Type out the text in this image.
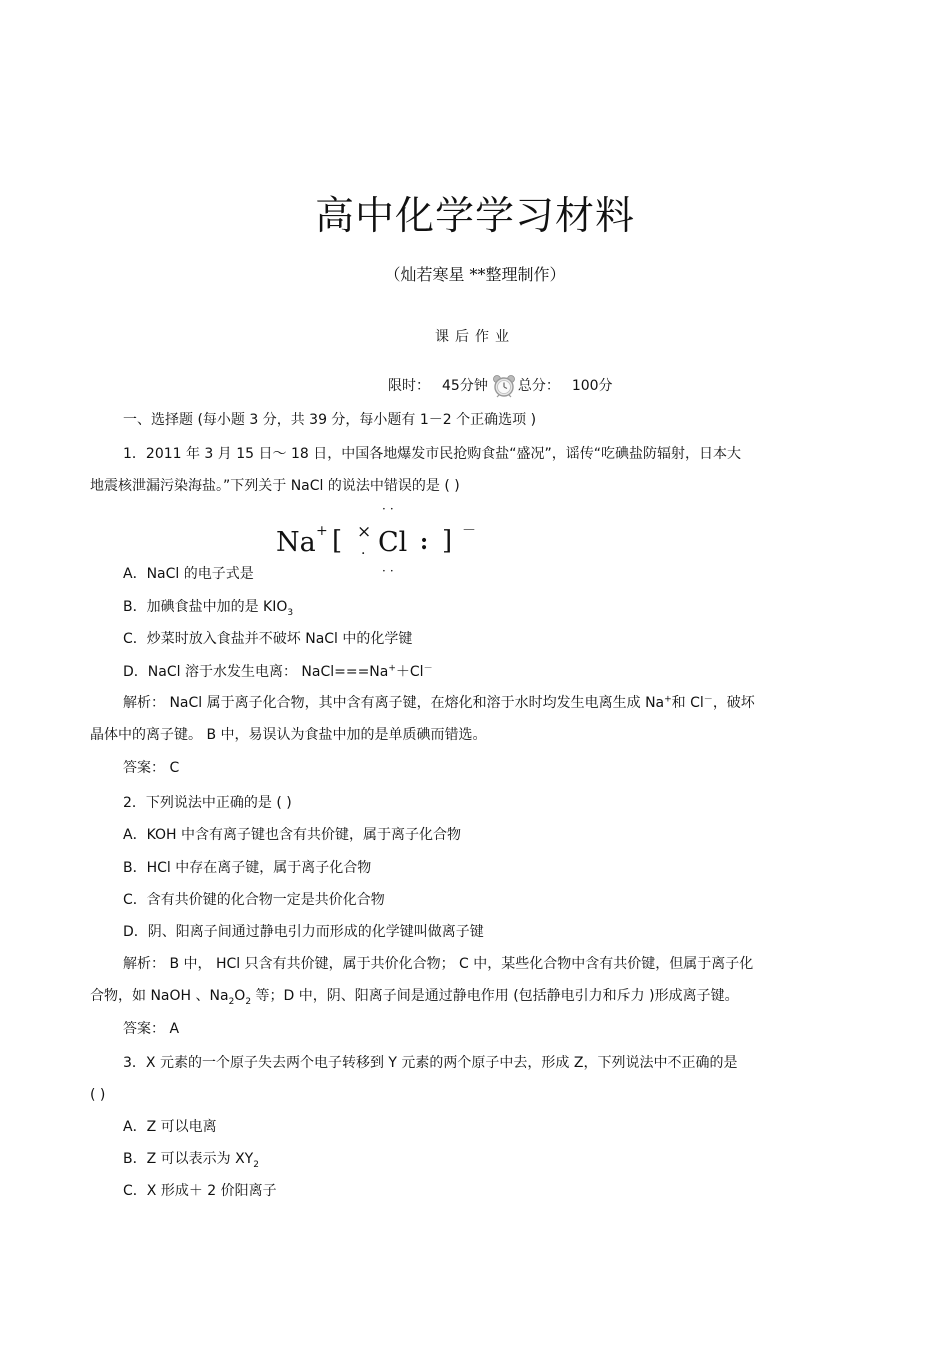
高中化学学习材料
（灿若寒星 **整理制作）
课后作业
限时： 45分钟 总分： 100分
一、选择题 (每小题 3 分，共 39 分，每小题有 1－2 个正确选项 )
1．2011 年 3 月 15 日～ 18 日，中国各地爆发市民抢购食盐“盛况”，谣传“吃碘盐防辐射，日本大
地震核泄漏污染海盐。”下列关于 NaCl 的说法中错误的是 ( )
Na + [ ×
·
··
Cl
··
: ] －
A．NaCl 的电子式是
B．加碘食盐中加的是 $KIO_3$
C．炒菜时放入食盐并不破坏 NaCl 中的化学键
D．NaCl 溶于水发生电离： NaCl===Na+＋Cl－
解析： NaCl 属于离子化合物，其中含有离子键，在熔化和溶于水时均发生电离生成 Na+和 Cl－，破坏
晶体中的离子键。 B 中，易误认为食盐中加的是单质碘而错选。
答案： C
2．下列说法中正确的是 ( )
A．KOH 中含有离子键也含有共价键，属于离子化合物
B．HCl 中存在离子键，属于离子化合物
C．含有共价键的化合物一定是共价化合物
D．阴、阳离子间通过静电引力而形成的化学键叫做离子键
解析： B 中， HCl 只含有共价键，属于共价化合物； C 中，某些化合物中含有共价键，但属于离子化
合物，如 NaOH 、$Na_2O_2$ 等；D 中，阴、阳离子间是通过静电作用 (包括静电引力和斥力 )形成离子键。
答案： A
3．X 元素的一个原子失去两个电子转移到 Y 元素的两个原子中去，形成 Z，下列说法中不正确的是
( )
A．Z 可以电离
B．Z 可以表示为 $XY_2$
C．X 形成＋ 2 价阳离子
